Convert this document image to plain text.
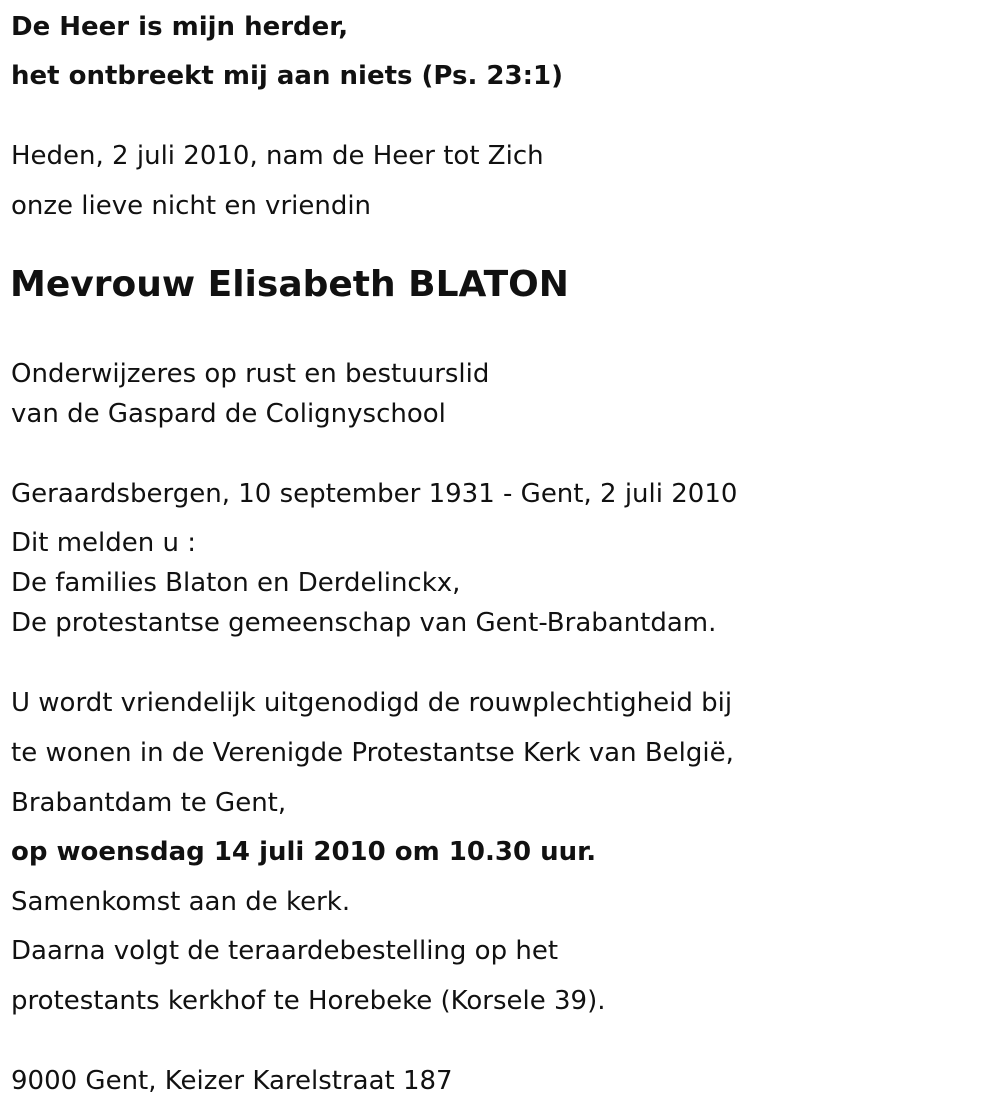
De Heer is mijn herder,
het ontbreekt mij aan niets (Ps. 23:1)
Heden, 2 juli 2010, nam de Heer tot Zich
onze lieve nicht en vriendin
Mevrouw Elisabeth BLATON
Onderwijzeres op rust en bestuurslid
van de Gaspard de Colignyschool
Geraardsbergen, 10 september 1931 - Gent, 2 juli 2010
Dit melden u :
De families Blaton en Derdelinckx,
De protestantse gemeenschap van Gent-Brabantdam.
U wordt vriendelijk uitgenodigd de rouwplechtigheid bij
te wonen in de Verenigde Protestantse Kerk van België,
Brabantdam te Gent,
op woensdag 14 juli 2010 om 10.30 uur.
Samenkomst aan de kerk.
Daarna volgt de teraardebestelling op het
protestants kerkhof te Horebeke (Korsele 39).
9000 Gent, Keizer Karelstraat 187
